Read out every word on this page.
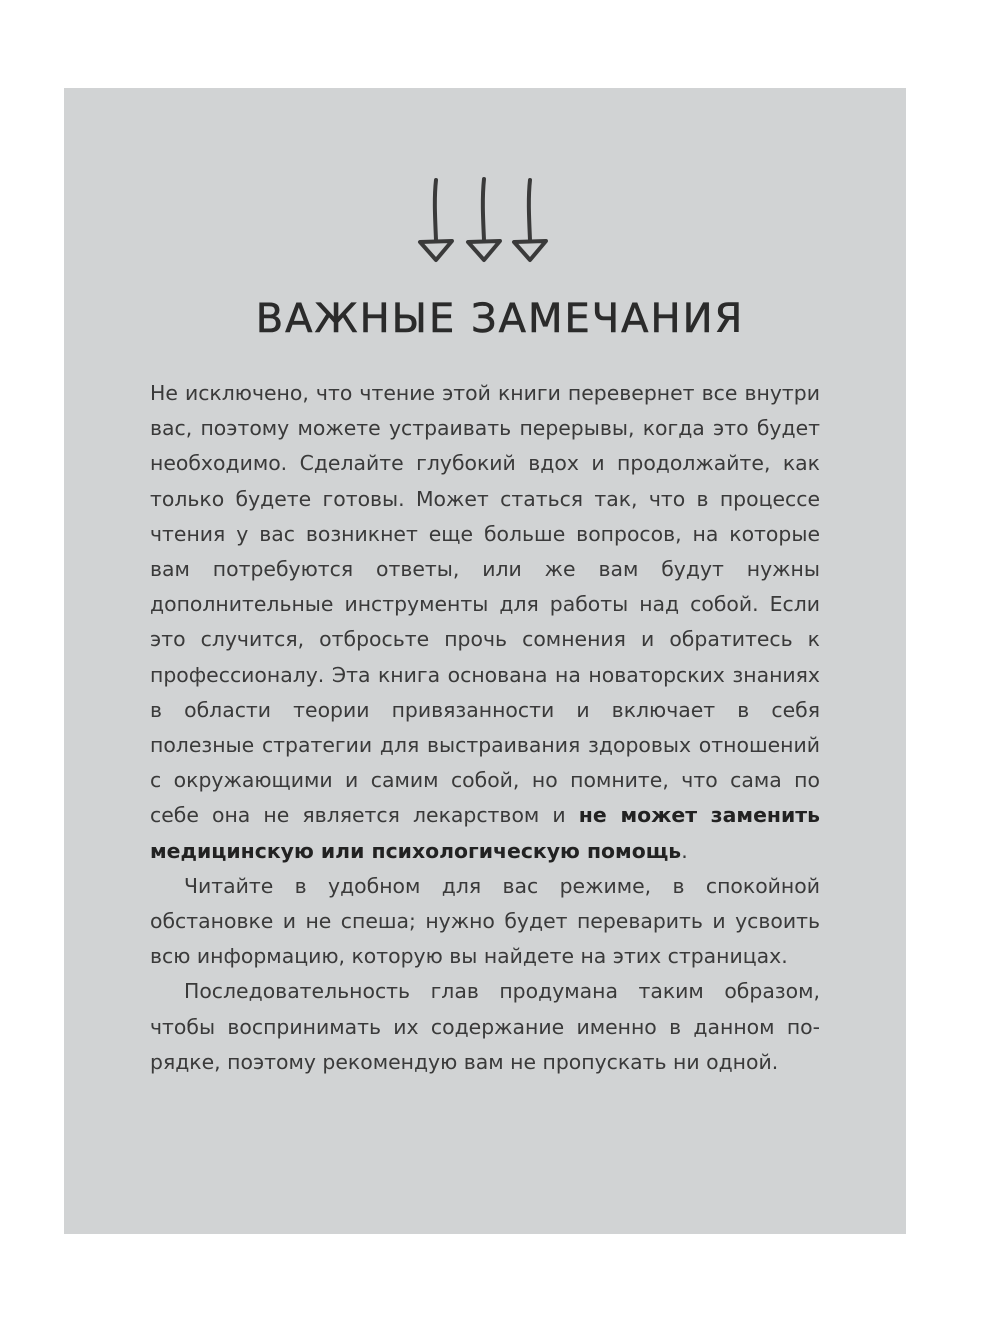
ВАЖНЫЕ ЗАМЕЧАНИЯ

Не исключено, что чтение этой книги перевернет все внутри вас, поэтому можете устраивать перерывы, когда это будет необходимо. Сделайте глубокий вдох и продолжайте, как только будете готовы. Может статься так, что в процессе чтения у вас возникнет еще больше вопросов, на которые вам потребуются ответы, или же вам будут нужны дополнительные инструменты для работы над собой. Если это случится, отбросьте прочь сомнения и обратитесь к профессионалу. Эта книга основана на новаторских знаниях в области теории привязанности и включает в себя полезные стратегии для выстраивания здоровых отношений с окружающими и самим собой, но помните, что сама по себе она не является лекарством и не может заменить медицинскую или психологическую помощь.

Читайте в удобном для вас режиме, в спокойной обстановке и не спеша; нужно будет переварить и усвоить всю информацию, которую вы найдете на этих страницах.

Последовательность глав продумана таким образом, чтобы воспринимать их содержание именно в данном порядке, поэтому рекомендую вам не пропускать ни одной.
